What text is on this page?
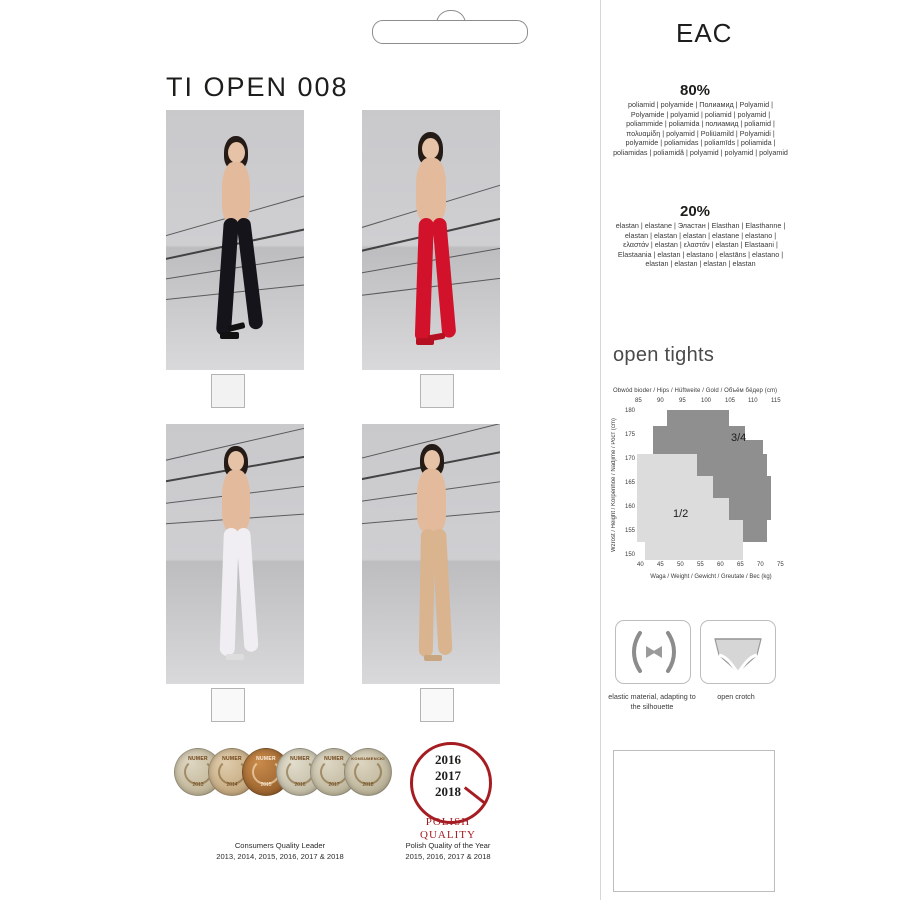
TI OPEN 008
NUMER
2013
NUMER
2014
NUMER
2015
NUMER
2016
NUMER
2017
KONSUMENCKI
2018
Consumers Quality Leader
2013, 2014, 2015, 2016, 2017 & 2018
2016
2017
2018
POLISH
QUALITY
Polish Quality of the Year
2015, 2016, 2017 & 2018
EAC
80%
poliamid | polyamide | Полиамид | Polyamid | Polyamide | polyamid | poliamid | polyamid | poliammide | poliamida | полиамид | poliamid | πολυαμίδη | polyamid | Poliüamild | Polyamidi | polyamide | poliamidas | poliamīds | poliamida | poliamidas | poliamidă | polyamid | polyamid | polyamid
20%
elastan | elastane | Эластан | Elasthan | Elasthanne | elastan | elastan | elastan | elastane | elastano | ελαστάν | elastan | ελαστάν | elastan | Elastaani | Elastaania | elastan | elastano | elastāns | elastano | elastan | elastan | elastan | elastan
open tights
Obwód bioder / Hips / Hüftweite / Gold / Объём бёдер (cm)
85	90	95	100 105 110 115
Wzrost / Height / Körpenhöe / Nadjime / Рост (cm)
180
175
170
165
160
155
150
3/4
1/2
40 45 50 55 60 65 70 75
Waga / Weight / Gewicht / Greutate / Вес (kg)
elastic material, adapting to the silhouette
open crotch
